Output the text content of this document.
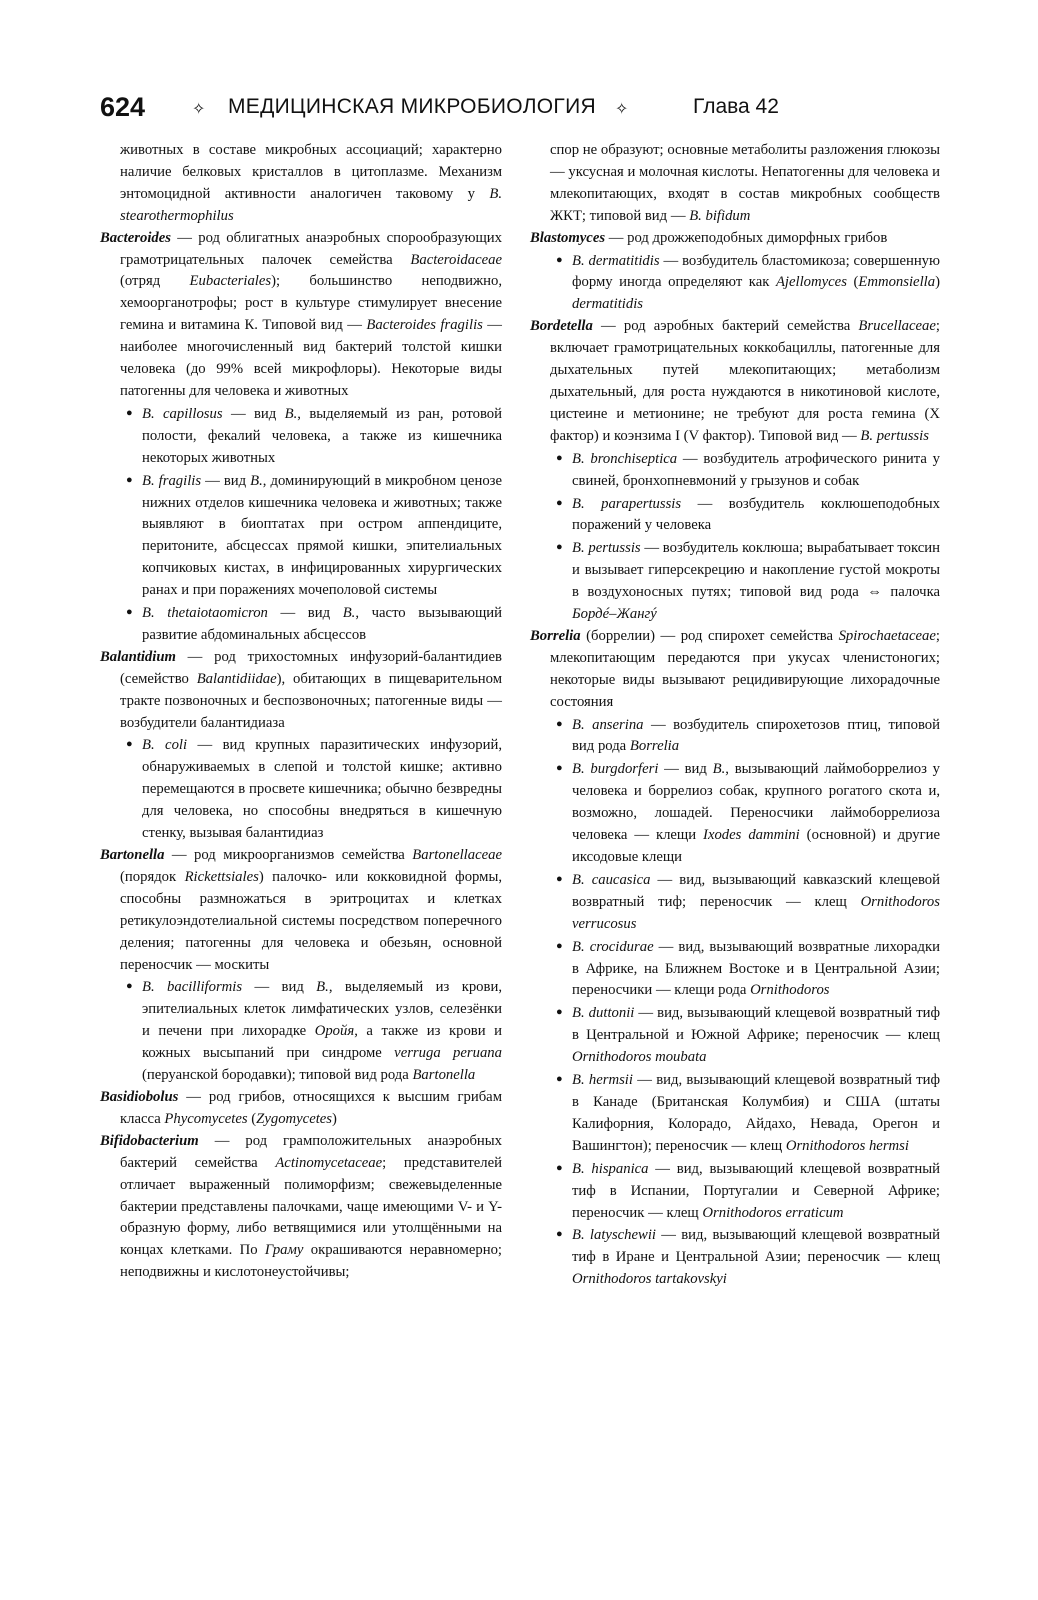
624	✧ МЕДИЦИНСКАЯ МИКРОБИОЛОГИЯ ✧	Глава 42

животных в составе микробных ассоциаций; характерно наличие белковых кристаллов в цитоплазме. Механизм энтомоцидной активности аналогичен таковому у B. stearothermophilus

Bacteroides — род облигатных анаэробных спорообразующих грамотрицательных палочек семейства Bacteroidaceae (отряд Eubacteriales); большинство неподвижно, хемоорганотрофы; рост в культуре стимулирует внесение гемина и витамина К. Типовой вид — Bacteroides fragilis — наиболее многочисленный вид бактерий толстой кишки человека (до 99% всей микрофлоры). Некоторые виды патогенны для человека и животных

● B. capillosus — вид B., выделяемый из ран, ротовой полости, фекалий человека, а также из кишечника некоторых животных

● B. fragilis — вид B., доминирующий в микробном ценозе нижних отделов кишечника человека и животных; также выявляют в биоптатах при остром аппендиците, перитоните, абсцессах прямой кишки, эпителиальных копчиковых кистах, в инфицированных хирургических ранах и при поражениях мочеполовой системы

● B. thetaiotaomicron — вид B., часто вызывающий развитие абдоминальных абсцессов

Balantidium — род трихостомных инфузорий-балантидиев (семейство Balantidiidae), обитающих в пищеварительном тракте позвоночных и беспозвоночных; патогенные виды — возбудители балантидиаза

● B. coli — вид крупных паразитических инфузорий, обнаруживаемых в слепой и толстой кишке; активно перемещаются в просвете кишечника; обычно безвредны для человека, но способны внедряться в кишечную стенку, вызывая балантидиаз

Bartonella — род микроорганизмов семейства Bartonellaceae (порядок Rickettsiales) палочко- или кокковидной формы, способны размножаться в эритроцитах и клетках ретикулоэндотелиальной системы посредством поперечного деления; патогенны для человека и обезьян, основной переносчик — москиты

● B. bacilliformis — вид B., выделяемый из крови, эпителиальных клеток лимфатических узлов, селезёнки и печени при лихорадке Оройя, а также из крови и кожных высыпаний при синдроме verruga peruana (перуанской бородавки); типовой вид рода Bartonella

Basidiobolus — род грибов, относящихся к высшим грибам класса Phycomycetes (Zygomycetes)

Bifidobacterium — род грамположительных анаэробных бактерий семейства Actinomycetaceae; представителей отличает выраженный полиморфизм; свежевыделенные бактерии представлены палочками, чаще имеющими V- и Y-образную форму, либо ветвящимися или утолщёнными на концах клетками. По Граму окрашиваются неравномерно; неподвижны и кислотонеустойчивы;

спор не образуют; основные метаболиты разложения глюкозы — уксусная и молочная кислоты. Непатогенны для человека и млекопитающих, входят в состав микробных сообществ ЖКТ; типовой вид — B. bifidum

Blastomyces — род дрожжеподобных диморфных грибов

● B. dermatitidis — возбудитель бластомикоза; совершенную форму иногда определяют как Ajellomyces (Emmonsiella) dermatitidis

Bordetella — род аэробных бактерий семейства Brucellaceae; включает грамотрицательных коккобациллы, патогенные для дыхательных путей млекопитающих; метаболизм дыхательный, для роста нуждаются в никотиновой кислоте, цистеине и метионине; не требуют для роста гемина (X фактор) и коэнзима I (V фактор). Типовой вид — B. pertussis

● B. bronchiseptica — возбудитель атрофического ринита у свиней, бронхопневмоний у грызунов и собак

● B. parapertussis — возбудитель коклюшеподобных поражений у человека

● B. pertussis — возбудитель коклюша; вырабатывает токсин и вызывает гиперсекрецию и накопление густой мокроты в воздухоносных путях; типовой вид рода ⇔ палочка Бордé–Жангý

Borrelia (боррелии) — род спирохет семейства Spirochaetaceae; млекопитающим передаются при укусах членистоногих; некоторые виды вызывают рецидивирующие лихорадочные состояния

● B. anserina — возбудитель спирохетозов птиц, типовой вид рода Borrelia

● B. burgdorferi — вид B., вызывающий лаймоборрелиоз у человека и боррелиоз собак, крупного рогатого скота и, возможно, лошадей. Переносчики лаймоборрелиоза человека — клещи Ixodes dammini (основной) и другие иксодовые клещи

● B. caucasica — вид, вызывающий кавказский клещевой возвратный тиф; переносчик — клещ Ornithodoros verrucosus

● B. crocidurae — вид, вызывающий возвратные лихорадки в Африке, на Ближнем Востоке и в Центральной Азии; переносчики — клещи рода Ornithodoros

● B. duttonii — вид, вызывающий клещевой возвратный тиф в Центральной и Южной Африке; переносчик — клещ Ornithodoros moubata

● B. hermsii — вид, вызывающий клещевой возвратный тиф в Канаде (Британская Колумбия) и США (штаты Калифорния, Колорадо, Айдахо, Невада, Орегон и Вашингтон); переносчик — клещ Ornithodoros hermsi

● B. hispanica — вид, вызывающий клещевой возвратный тиф в Испании, Португалии и Северной Африке; переносчик — клещ Ornithodoros erraticum

● B. latyschewii — вид, вызывающий клещевой возвратный тиф в Иране и Центральной Азии; переносчик — клещ Ornithodoros tartakovskyi
